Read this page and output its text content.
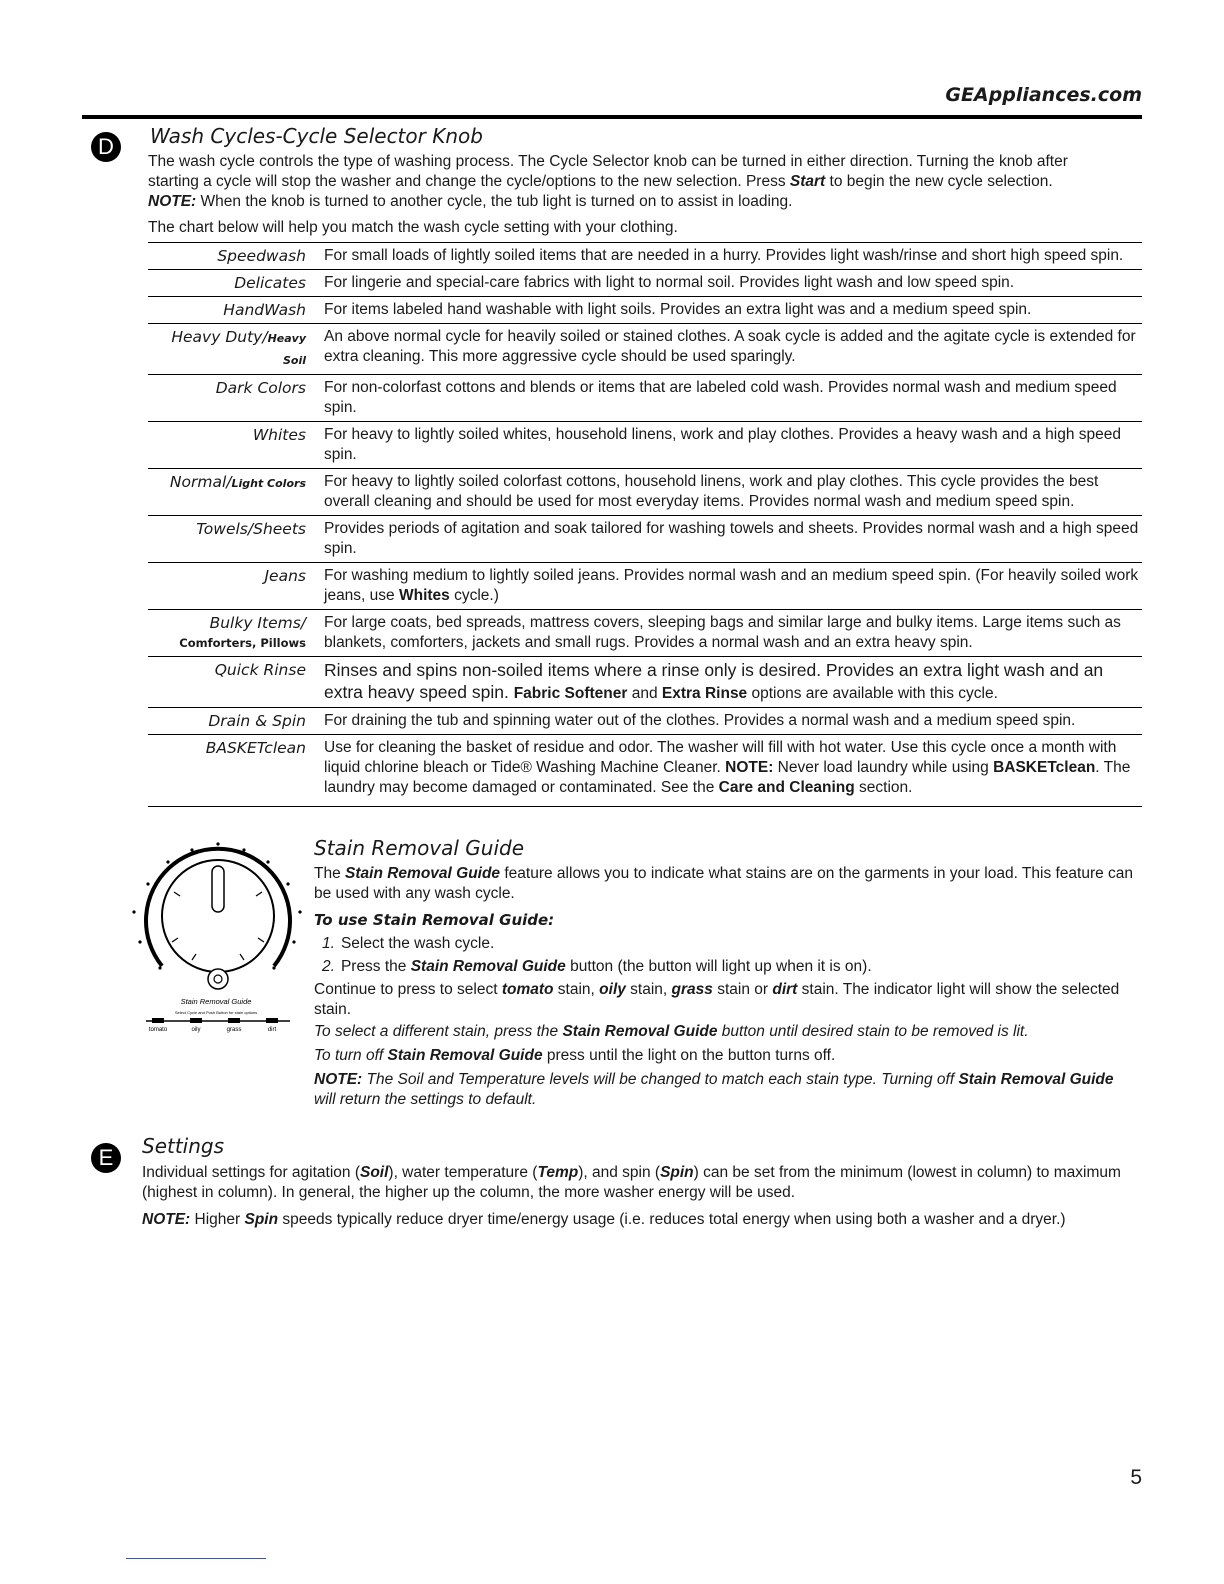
GEAppliances.com
D	Wash Cycles-Cycle Selector Knob
The wash cycle controls the type of washing process. The Cycle Selector knob can be turned in either direction. Turning the knob after starting a cycle will stop the washer and change the cycle/options to the new selection. Press Start to begin the new cycle selection.
NOTE: When the knob is turned to another cycle, the tub light is turned on to assist in loading.
The chart below will help you match the wash cycle setting with your clothing.
Speedwash	For small loads of lightly soiled items that are needed in a hurry. Provides light wash/rinse and short high speed spin.
Delicates	For lingerie and special-care fabrics with light to normal soil. Provides light wash and low speed spin.
HandWash	For items labeled hand washable with light soils. Provides an extra light was and a medium speed spin.
Heavy Duty/Heavy Soil	An above normal cycle for heavily soiled or stained clothes. A soak cycle is added and the agitate cycle is extended for extra cleaning. This more aggressive cycle should be used sparingly.
Dark Colors	For non-colorfast cottons and blends or items that are labeled cold wash. Provides normal wash and medium speed spin.
Whites	For heavy to lightly soiled whites, household linens, work and play clothes. Provides a heavy wash and a high speed spin.
Normal/Light Colors	For heavy to lightly soiled colorfast cottons, household linens, work and play clothes. This cycle provides the best overall cleaning and should be used for most everyday items. Provides normal wash and medium speed spin.
Towels/Sheets	Provides periods of agitation and soak tailored for washing towels and sheets. Provides normal wash and a high speed spin.
Jeans	For washing medium to lightly soiled jeans. Provides normal wash and an medium speed spin. (For heavily soiled work jeans, use Whites cycle.)
Bulky Items/
Comforters, Pillows	For large coats, bed spreads, mattress covers, sleeping bags and similar large and bulky items. Large items such as blankets, comforters, jackets and small rugs. Provides a normal wash and an extra heavy spin.
Quick Rinse	Rinses and spins non-soiled items where a rinse only is desired. Provides an extra light wash and an extra heavy speed spin. Fabric Softener and Extra Rinse options are available with this cycle.
Drain & Spin	For draining the tub and spinning water out of the clothes. Provides a normal wash and a medium speed spin.
BASKETclean	Use for cleaning the basket of residue and odor. The washer will fill with hot water. Use this cycle once a month with liquid chlorine bleach or Tide® Washing Machine Cleaner. NOTE: Never load laundry while using BASKETclean. The laundry may become damaged or contaminated. See the Care and Cleaning section.
Stain Removal Guide
Select Cycle and Push Button for stain options
tomato	oily	grass	dirt
Stain Removal Guide
The Stain Removal Guide feature allows you to indicate what stains are on the garments in your load. This feature can be used with any wash cycle.
To use Stain Removal Guide:
1. Select the wash cycle.
2. Press the Stain Removal Guide button (the button will light up when it is on).
Continue to press to select tomato stain, oily stain, grass stain or dirt stain. The indicator light will show the selected stain.
To select a different stain, press the Stain Removal Guide button until desired stain to be removed is lit.
To turn off Stain Removal Guide press until the light on the button turns off.
NOTE: The Soil and Temperature levels will be changed to match each stain type. Turning off Stain Removal Guide will return the settings to default.
E	Settings
Individual settings for agitation (Soil), water temperature (Temp), and spin (Spin) can be set from the minimum (lowest in column) to maximum (highest in column). In general, the higher up the column, the more washer energy will be used.
NOTE: Higher Spin speeds typically reduce dryer time/energy usage (i.e. reduces total energy when using both a washer and a dryer.)
5
